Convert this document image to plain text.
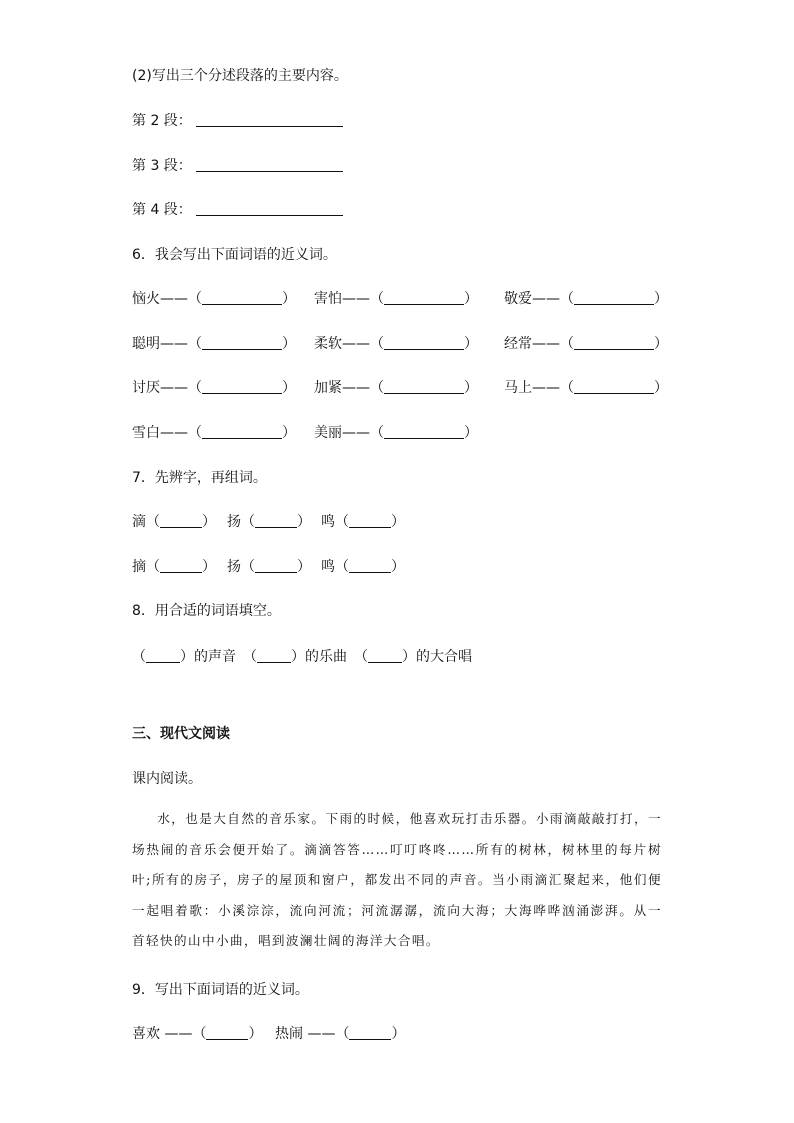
(2)写出三个分述段落的主要内容。
第 2 段：
第 3 段：
第 4 段：
6．我会写出下面词语的近义词。
恼火——（	） 害怕——（	） 敬爱——（	）
聪明——（	） 柔软——（	） 经常——（	）
讨厌——（	） 加紧——（	） 马上——（	）
雪白——（	） 美丽——（	）
7．先辨字，再组词。
滴（	） 扬（	） 鸣（	）
摘（	） 扬（	） 鸣（	）
8．用合适的词语填空。
（ ）的声音 （ ）的乐曲 （ ）的大合唱
三、现代文阅读
课内阅读。
水，也是大自然的音乐家。下雨的时候，他喜欢玩打击乐器。小雨滴敲敲打打，一场热闹的音乐会便开始了。滴滴答答……叮叮咚咚……所有的树林，树林里的每片树叶;所有的房子，房子的屋顶和窗户，都发出不同的声音。当小雨滴汇聚起来，他们便一起唱着歌：小溪淙淙，流向河流；河流潺潺，流向大海；大海哗哗汹涌澎湃。从一首轻快的山中小曲，唱到波澜壮阔的海洋大合唱。
9．写出下面词语的近义词。
喜欢 ——（	） 热闹 ——（	）
